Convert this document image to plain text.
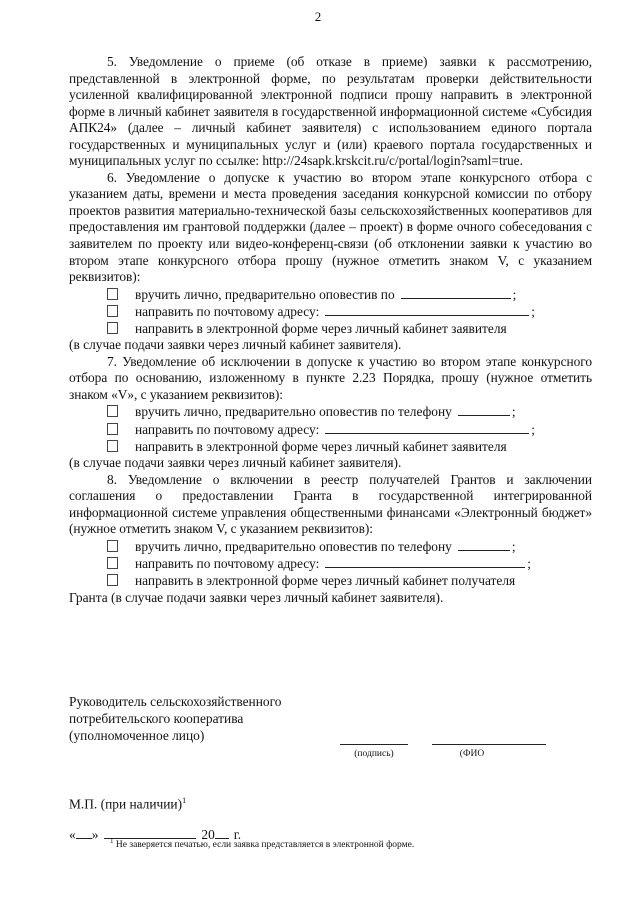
2

5. Уведомление о приеме (об отказе в приеме) заявки к рассмотрению, представленной в электронной форме, по результатам проверки действительности усиленной квалифицированной электронной подписи прошу направить в электронной форме в личный кабинет заявителя в государственной информационной системе «Субсидия АПК24» (далее – личный кабинет заявителя) с использованием единого портала государственных и муниципальных услуг и (или) краевого портала государственных и муниципальных услуг по ссылке: http://24sapk.krskcit.ru/c/portal/login?saml=true.

6. Уведомление о допуске к участию во втором этапе конкурсного отбора с указанием даты, времени и места проведения заседания конкурсной комиссии по отбору проектов развития материально-технической базы сельскохозяйственных кооперативов для предоставления им грантовой поддержки (далее – проект) в форме очного собеседования с заявителем по проекту или видео-конференц-связи (об отклонении заявки к участию во втором этапе конкурсного отбора прошу (нужное отметить знаком V, с указанием реквизитов):

вручить лично, предварительно оповестив по	;
направить по почтовому адресу:	;
направить в электронной форме через личный кабинет заявителя

(в случае подачи заявки через личный кабинет заявителя).

7. Уведомление об исключении в допуске к участию во втором этапе конкурсного отбора по основанию, изложенному в пункте 2.23 Порядка, прошу (нужное отметить знаком «V», с указанием реквизитов):

вручить лично, предварительно оповестив по телефону	;
направить по почтовому адресу:	;
направить в электронной форме через личный кабинет заявителя

(в случае подачи заявки через личный кабинет заявителя).

8. Уведомление о включении в реестр получателей Грантов и заключении соглашения о предоставлении Гранта в государственной интегрированной информационной системе управления общественными финансами «Электронный бюджет» (нужное отметить знаком V, с указанием реквизитов):

вручить лично, предварительно оповестив по телефону	;
направить по почтовому адресу:	;
направить в электронной форме через личный кабинет получателя

Гранта (в случае подачи заявки через личный кабинет заявителя).

Руководитель сельскохозяйственного
потребительского кооператива
(уполномоченное лицо)
(подпись)	(ФИО
М.П. (при наличии)$^1$
« »	20 г.
$^1$ Не заверяется печатью, если заявка представляется в электронной форме.
